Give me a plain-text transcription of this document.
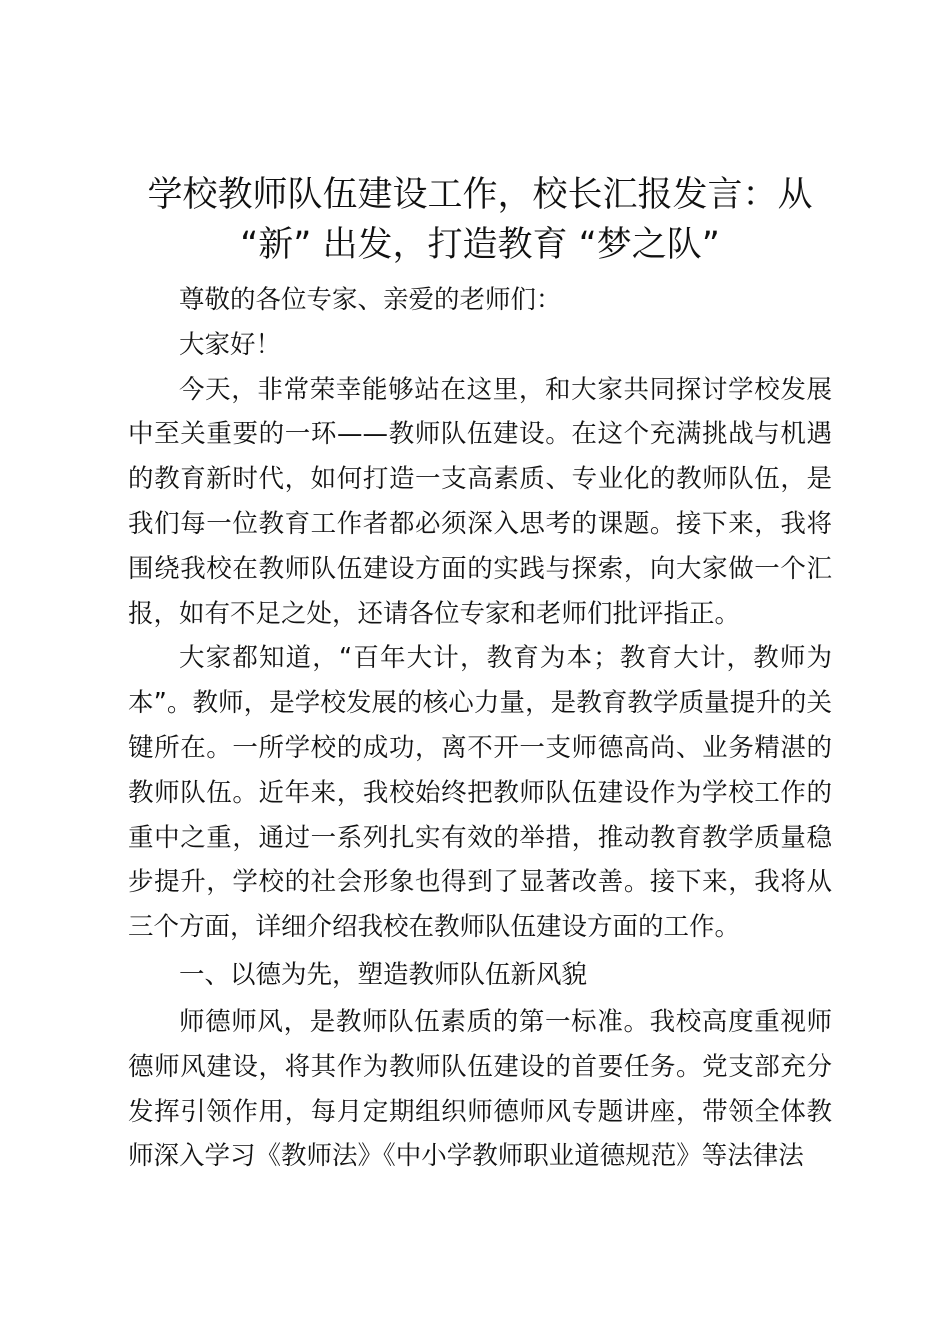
学校教师队伍建设工作，校长汇报发言：从 “新” 出发，打造教育 “梦之队”

尊敬的各位专家、亲爱的老师们：

大家好！

今天，非常荣幸能够站在这里，和大家共同探讨学校发展中至关重要的一环——教师队伍建设。在这个充满挑战与机遇的教育新时代，如何打造一支高素质、专业化的教师队伍，是我们每一位教育工作者都必须深入思考的课题。接下来，我将围绕我校在教师队伍建设方面的实践与探索，向大家做一个汇报，如有不足之处，还请各位专家和老师们批评指正。

大家都知道，“百年大计，教育为本；教育大计，教师为本”。教师，是学校发展的核心力量，是教育教学质量提升的关键所在。一所学校的成功，离不开一支师德高尚、业务精湛的教师队伍。近年来，我校始终把教师队伍建设作为学校工作的重中之重，通过一系列扎实有效的举措，推动教育教学质量稳步提升，学校的社会形象也得到了显著改善。接下来，我将从三个方面，详细介绍我校在教师队伍建设方面的工作。

一、以德为先，塑造教师队伍新风貌

师德师风，是教师队伍素质的第一标准。我校高度重视师德师风建设，将其作为教师队伍建设的首要任务。党支部充分发挥引领作用，每月定期组织师德师风专题讲座，带领全体教师深入学习《教师法》《中小学教师职业道德规范》等法律法
